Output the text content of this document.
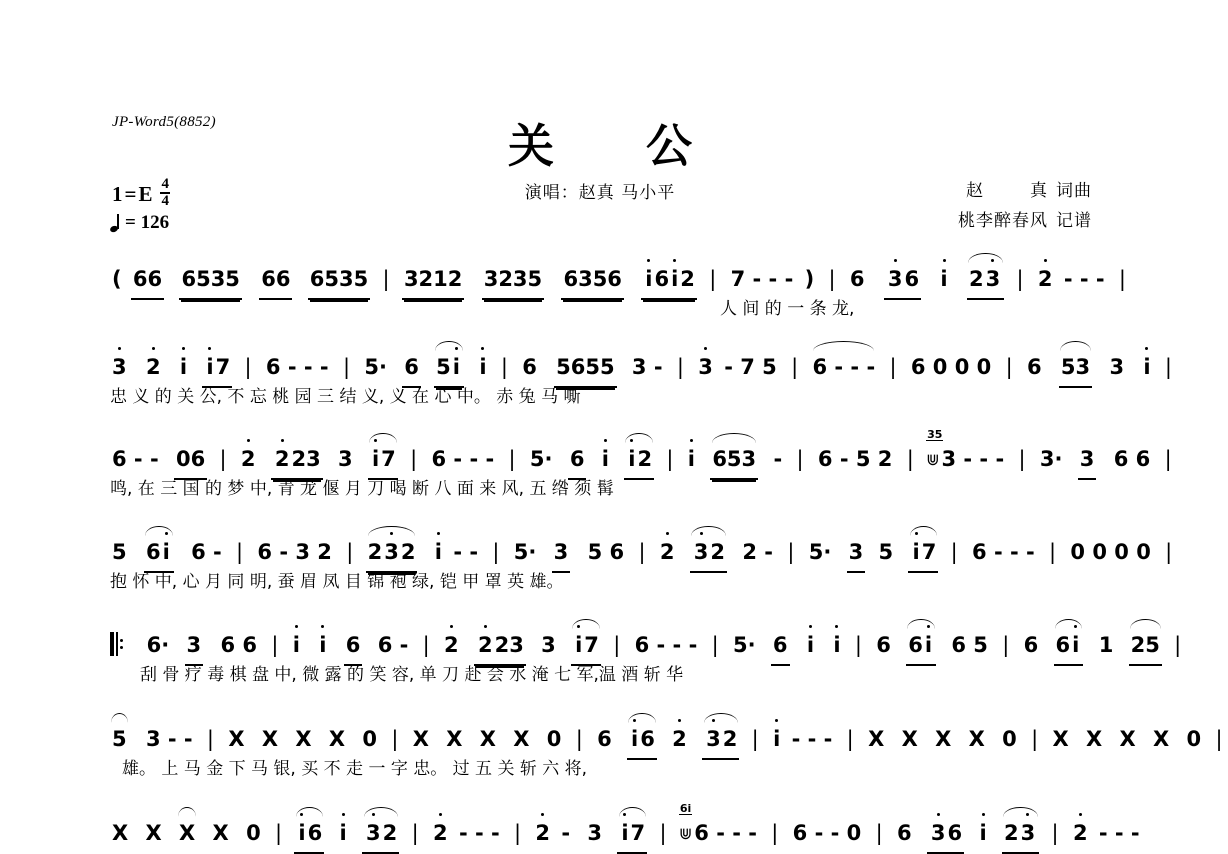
JP-Word5(8852)	关 公
演唱：赵真 马小平	赵	真 词曲
桃李醉春风 记谱
1 = E $\frac{4}{4}$
= 126
( 66 6535 66 6535 | 3212 3235 6356 i6i2 | 7 - - - ) | 6 36 i 23 | 2 - - - |
人 间 的 一 条 龙,
3 2 i i7 | 6 - - - | 5· 6 5i i | 6 5655 3 - | 3 - 7 5 | 6 - - - | 6 0 0 0 | 6 53 3 i |
忠 义 的 关 公, 不 忘 桃 园 三 结 义, 义 在 心 中。 赤 兔 马 嘶
6 - - 06 | 2 223 3 i7 | 6 - - - | 5· 6 i i2 | i 653 - | 6 - 5 2 |
35
⋓3 - - - | 3· 3 6 6 |
鸣, 在 三 国 的 梦 中, 青 龙 偃 月 刀 喝 断 八 面 来 风, 五 绺 须 髯
5 6i 6 - | 6 - 3 2 | 232 i - - | 5· 3 5 6 | 2 32 2 - | 5· 3 5 i7 | 6 - - - | 0 0 0 0 |
抱 怀 中, 心 月 同 明, 蚕 眉 凤 目 锦 袍 绿, 铠 甲 罩 英 雄。
6· 3 6 6 | i i 6 6 - | 2 223 3 i7 | 6 - - - | 5· 6 i i | 6 6i 6 5 | 6 6i 1 25 |
刮 骨 疗 毒 棋 盘 中, 微 露 的 笑 容, 单 刀 赴 会 水 淹 七 军,温 酒 斩 华
5 3 - - | X X X X 0 | X X X X 0 | 6 i6 2 32 | i - - - | X X X X 0 | X X X X 0 |
雄。 上 马 金 下 马 银, 买 不 走 一 字 忠。 过 五 关 斩 六 将,
X X X X 0 | i6 i 32 | 2 - - - | 2 - 3 i7 |
6i
⋓6 - - - | 6 - - 0 | 6 36 i 23 | 2 - - -
